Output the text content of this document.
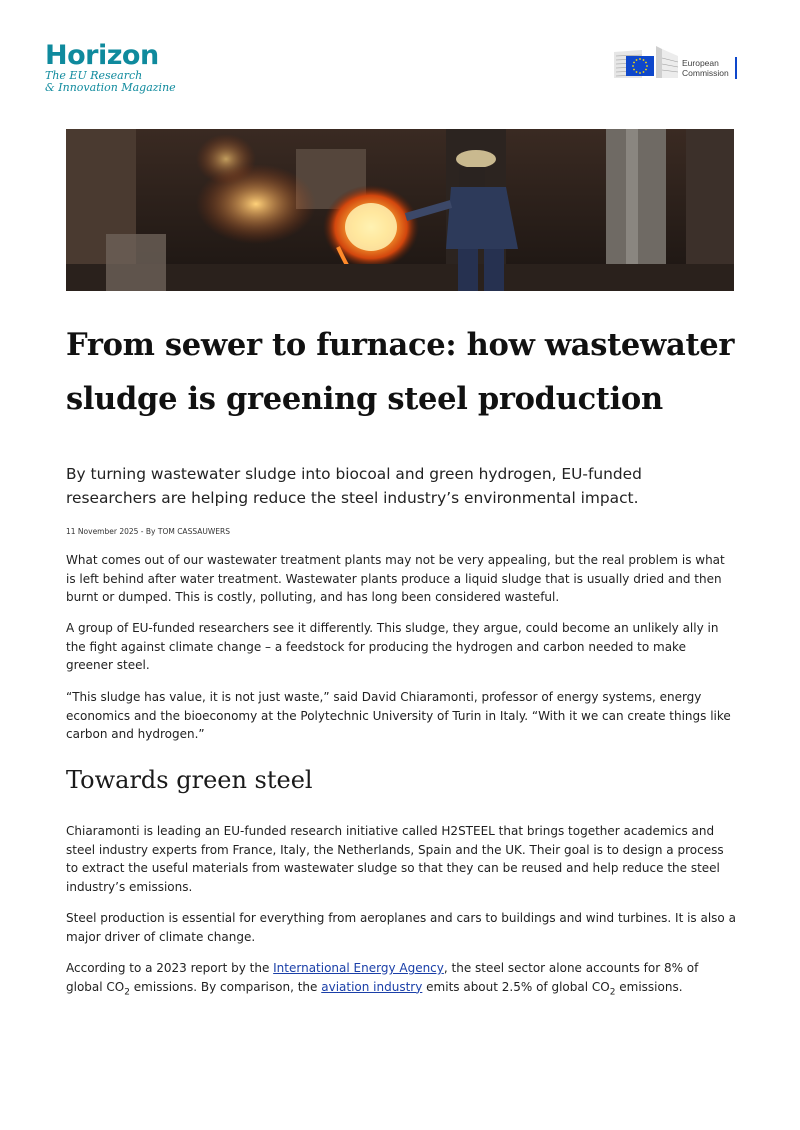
Horizon
The EU Research
& Innovation Magazine
European
Commission
From sewer to furnace: how wastewater
sludge is greening steel production

By turning wastewater sludge into biocoal and green hydrogen, EU-funded researchers are helping reduce the steel industry’s environmental impact.

11 November 2025 - By TOM CASSAUWERS

What comes out of our wastewater treatment plants may not be very appealing, but the real problem is what is left behind after water treatment. Wastewater plants produce a liquid sludge that is usually dried and then burnt or dumped. This is costly, polluting, and has long been considered wasteful.

A group of EU-funded researchers see it differently. This sludge, they argue, could become an unlikely ally in the fight against climate change – a feedstock for producing the hydrogen and carbon needed to make greener steel.

“This sludge has value, it is not just waste,” said David Chiaramonti, professor of energy systems, energy economics and the bioeconomy at the Polytechnic University of Turin in Italy. “With it we can create things like carbon and hydrogen.”

Towards green steel

Chiaramonti is leading an EU-funded research initiative called H2STEEL that brings together academics and steel industry experts from France, Italy, the Netherlands, Spain and the UK. Their goal is to design a process to extract the useful materials from wastewater sludge so that they can be reused and help reduce the steel industry’s emissions.

Steel production is essential for everything from aeroplanes and cars to buildings and wind turbines. It is also a major driver of climate change.

According to a 2023 report by the International Energy Agency, the steel sector alone accounts for 8% of global $CO_2$ emissions. By comparison, the aviation industry emits about 2.5% of global $CO_2$ emissions.
